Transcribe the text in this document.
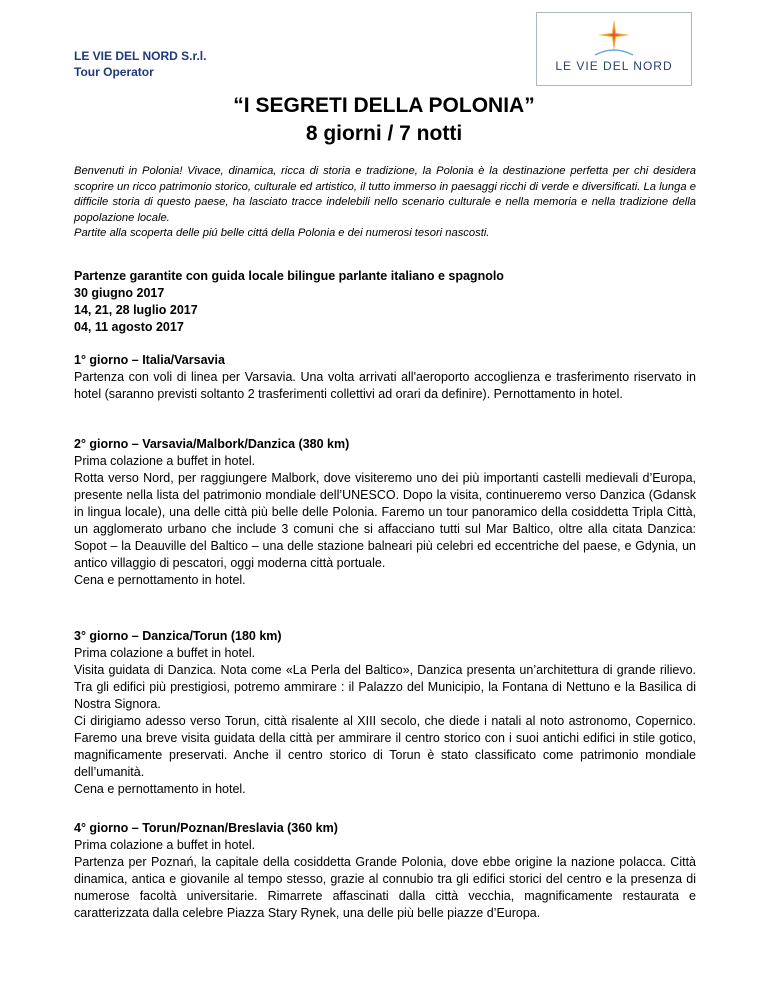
LE VIE DEL NORD S.r.l.
Tour Operator	LE VIE DEL NORD
“I SEGRETI DELLA POLONIA”
8 giorni / 7 notti

Benvenuti in Polonia! Vivace, dinamica, ricca di storia e tradizione, la Polonia è la destinazione perfetta per chi desidera scoprire un ricco patrimonio storico, culturale ed artistico, il tutto immerso in paesaggi ricchi di verde e diversificati. La lunga e difficile storia di questo paese, ha lasciato tracce indelebili nello scenario culturale e nella memoria e nella tradizione della popolazione locale.

Partite alla scoperta delle piú belle cittá della Polonia e dei numerosi tesori nascosti.

Partenze garantite con guida locale bilingue parlante italiano e spagnolo

30 giugno 2017

14, 21, 28 luglio 2017

04, 11 agosto 2017

1° giorno – Italia/Varsavia

Partenza con voli di linea per Varsavia. Una volta arrivati all'aeroporto accoglienza e trasferimento riservato in hotel (saranno previsti soltanto 2 trasferimenti collettivi ad orari da definire). Pernottamento in hotel.

2° giorno – Varsavia/Malbork/Danzica (380 km)

Prima colazione a buffet in hotel.

Rotta verso Nord, per raggiungere Malbork, dove visiteremo uno dei più importanti castelli medievali d’Europa, presente nella lista del patrimonio mondiale dell’UNESCO. Dopo la visita, continueremo verso Danzica (Gdansk in lingua locale), una delle città più belle delle Polonia. Faremo un tour panoramico della cosiddetta Tripla Città, un agglomerato urbano che include 3 comuni che si affacciano tutti sul Mar Baltico, oltre alla citata Danzica: Sopot – la Deauville del Baltico – una delle stazione balneari più celebri ed eccentriche del paese, e Gdynia, un antico villaggio di pescatori, oggi moderna città portuale.

Cena e pernottamento in hotel.

3° giorno – Danzica/Torun (180 km)

Prima colazione a buffet in hotel.

Visita guidata di Danzica. Nota come «La Perla del Baltico», Danzica presenta un’architettura di grande rilievo. Tra gli edifici più prestigiosi, potremo ammirare : il Palazzo del Municipio, la Fontana di Nettuno e la Basilica di Nostra Signora.

Ci dirigiamo adesso verso Torun, città risalente al XIII secolo, che diede i natali al noto astronomo, Copernico. Faremo una breve visita guidata della città per ammirare il centro storico con i suoi antichi edifici in stile gotico, magnificamente preservati. Anche il centro storico di Torun è stato classificato come patrimonio mondiale dell’umanità.

Cena e pernottamento in hotel.

4° giorno – Torun/Poznan/Breslavia (360 km)

Prima colazione a buffet in hotel.

Partenza per Poznań, la capitale della cosiddetta Grande Polonia, dove ebbe origine la nazione polacca. Città dinamica, antica e giovanile al tempo stesso, grazie al connubio tra gli edifici storici del centro e la presenza di numerose facoltà universitarie. Rimarrete affascinati dalla città vecchia, magnificamente restaurata e caratterizzata dalla celebre Piazza Stary Rynek, una delle più belle piazze d’Europa.
